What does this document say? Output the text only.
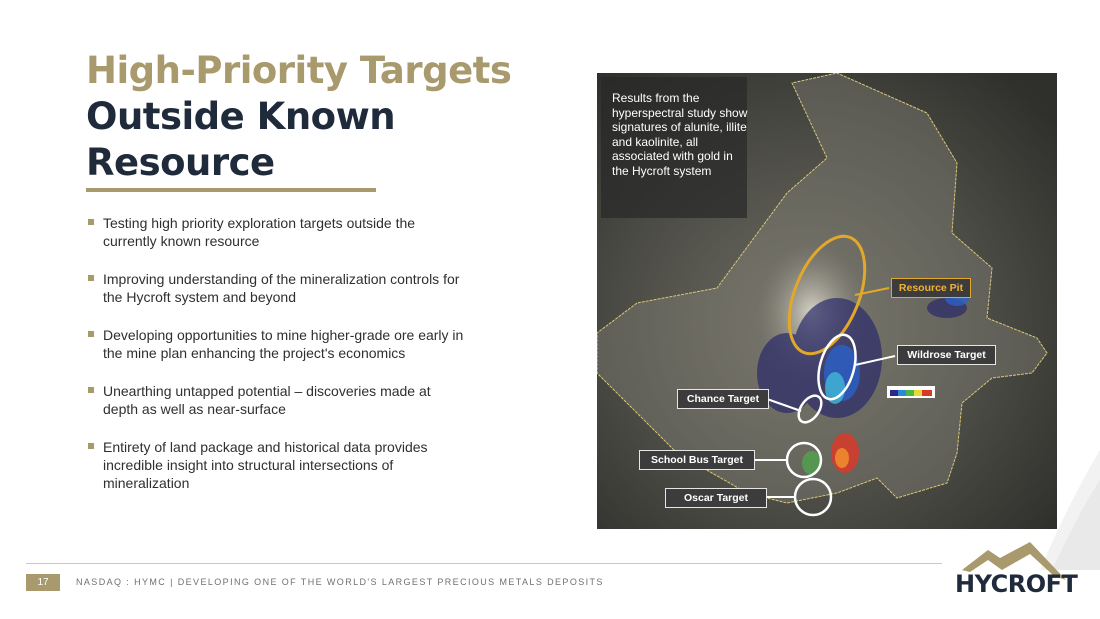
High-Priority Targets
Outside Known
Resource
Testing high priority exploration targets outside the currently known resource
Improving understanding of the mineralization controls for the Hycroft system and beyond
Developing opportunities to mine higher-grade ore early in the mine plan enhancing the project's economics
Unearthing untapped potential – discoveries made at depth as well as near-surface
Entirety of land package and historical data provides incredible insight into structural intersections of mineralization

Results from the hyperspectral study show signatures of alunite, illite and kaolinite, all associated with gold in the Hycroft system

Resource Pit
Wildrose Target
Chance Target
School Bus Target
Oscar Target
17	NASDAQ : HYMC | DEVELOPING ONE OF THE WORLD'S LARGEST PRECIOUS METALS DEPOSITS	HYCROFT
